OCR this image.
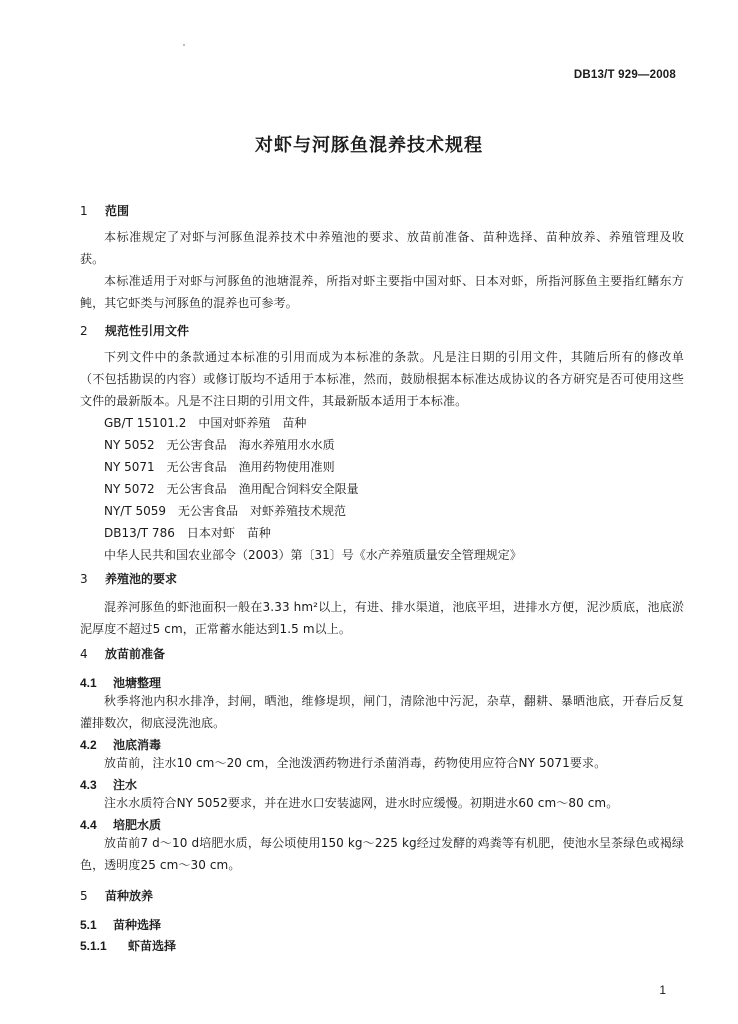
DB13/T 929—2008
对虾与河豚鱼混养技术规程
1 范围
本标准规定了对虾与河豚鱼混养技术中养殖池的要求、放苗前准备、苗种选择、苗种放养、养殖管理及收获。
本标准适用于对虾与河豚鱼的池塘混养，所指对虾主要指中国对虾、日本对虾，所指河豚鱼主要指红鳍东方鲀，其它虾类与河豚鱼的混养也可参考。
2 规范性引用文件
下列文件中的条款通过本标准的引用而成为本标准的条款。凡是注日期的引用文件，其随后所有的修改单（不包括勘误的内容）或修订版均不适用于本标准，然而，鼓励根据本标准达成协议的各方研究是否可使用这些文件的最新版本。凡是不注日期的引用文件，其最新版本适用于本标准。
GB/T 15101.2　中国对虾养殖　苗种
NY 5052　无公害食品　海水养殖用水水质
NY 5071　无公害食品　渔用药物使用准则
NY 5072　无公害食品　渔用配合饲料安全限量
NY/T 5059　无公害食品　对虾养殖技术规范
DB13/T 786　日本对虾　苗种
中华人民共和国农业部令（2003）第〔31〕号《水产养殖质量安全管理规定》
3 养殖池的要求
混养河豚鱼的虾池面积一般在3.33 hm²以上，有进、排水渠道，池底平坦，进排水方便，泥沙质底，池底淤泥厚度不超过5 cm，正常蓄水能达到1.5 m以上。
4 放苗前准备
4.1 池塘整理
秋季将池内积水排净，封闸，晒池，维修堤坝，闸门，清除池中污泥，杂草，翻耕、暴晒池底，开春后反复灌排数次，彻底浸洗池底。
4.2 池底消毒
放苗前，注水10 cm～20 cm，全池泼洒药物进行杀菌消毒，药物使用应符合NY 5071要求。
4.3 注水
注水水质符合NY 5052要求，并在进水口安装滤网，进水时应缓慢。初期进水60 cm～80 cm。
4.4 培肥水质
放苗前7 d～10 d培肥水质，每公顷使用150 kg～225 kg经过发酵的鸡粪等有机肥，使池水呈茶绿色或褐绿色，透明度25 cm～30 cm。
5 苗种放养
5.1 苗种选择
5.1.1 虾苗选择
1
